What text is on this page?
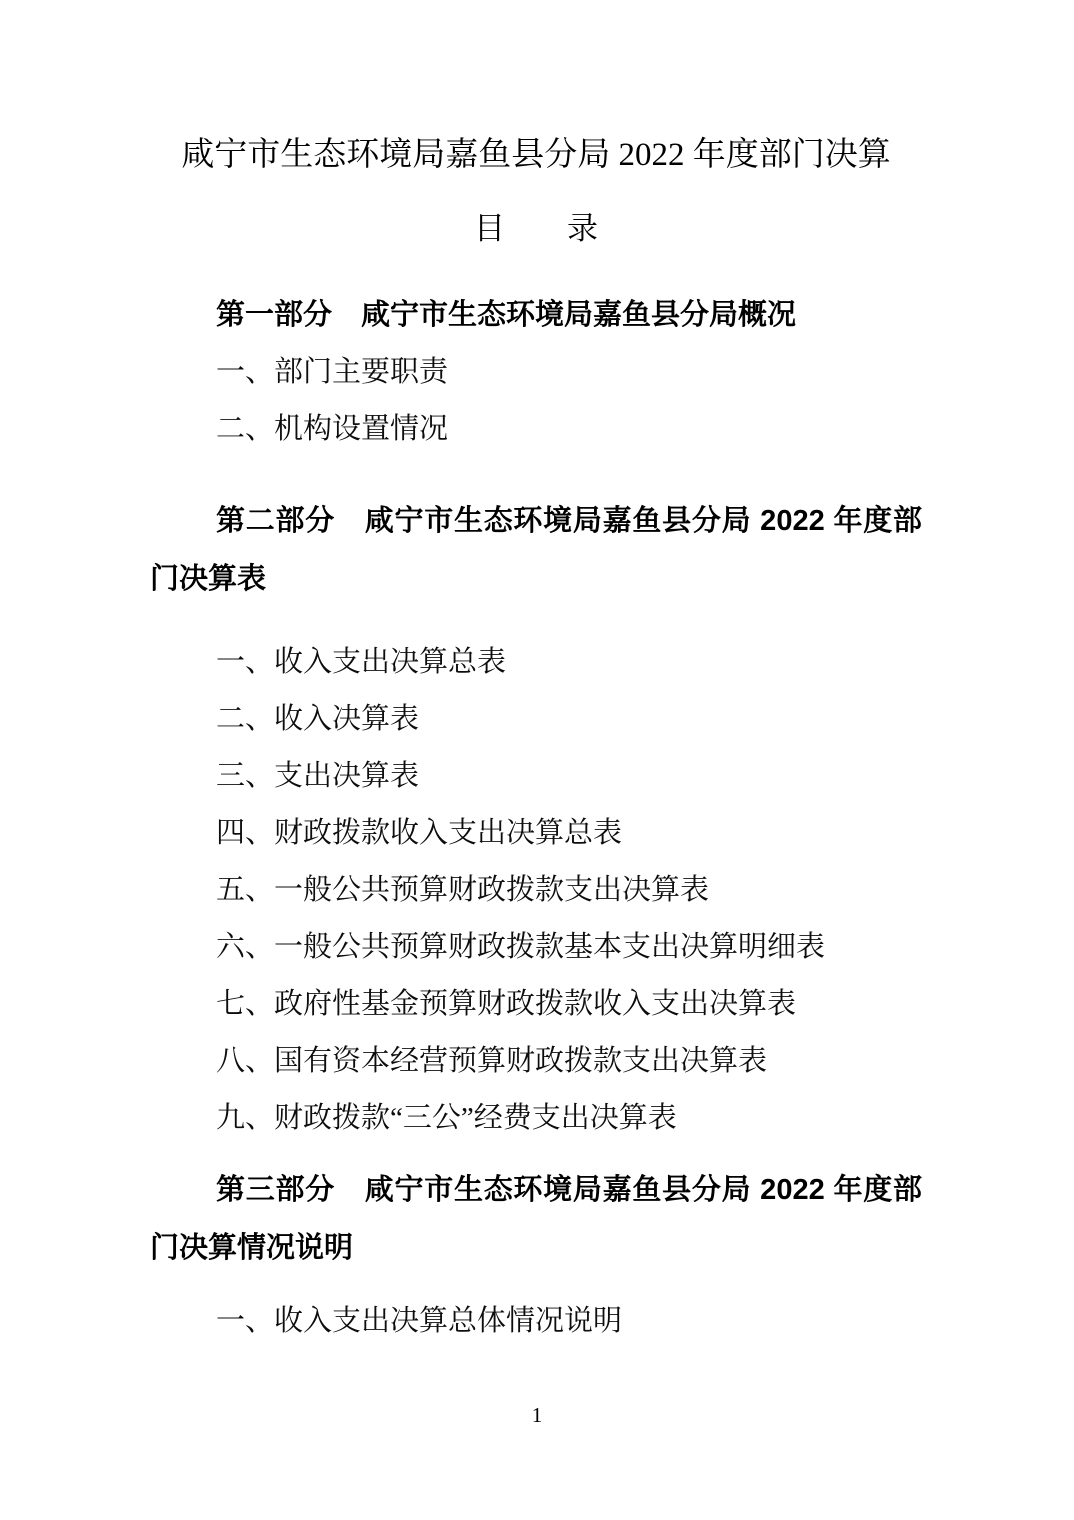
咸宁市生态环境局嘉鱼县分局 2022 年度部门决算
目　　录
第一部分　咸宁市生态环境局嘉鱼县分局概况

一、部门主要职责

二、机构设置情况

第二部分　咸宁市生态环境局嘉鱼县分局 2022 年度部门决算表

一、收入支出决算总表

二、收入决算表

三、支出决算表

四、财政拨款收入支出决算总表

五、一般公共预算财政拨款支出决算表

六、一般公共预算财政拨款基本支出决算明细表

七、政府性基金预算财政拨款收入支出决算表

八、国有资本经营预算财政拨款支出决算表

九、财政拨款“三公”经费支出决算表

第三部分　咸宁市生态环境局嘉鱼县分局 2022 年度部门决算情况说明

一、收入支出决算总体情况说明

1
